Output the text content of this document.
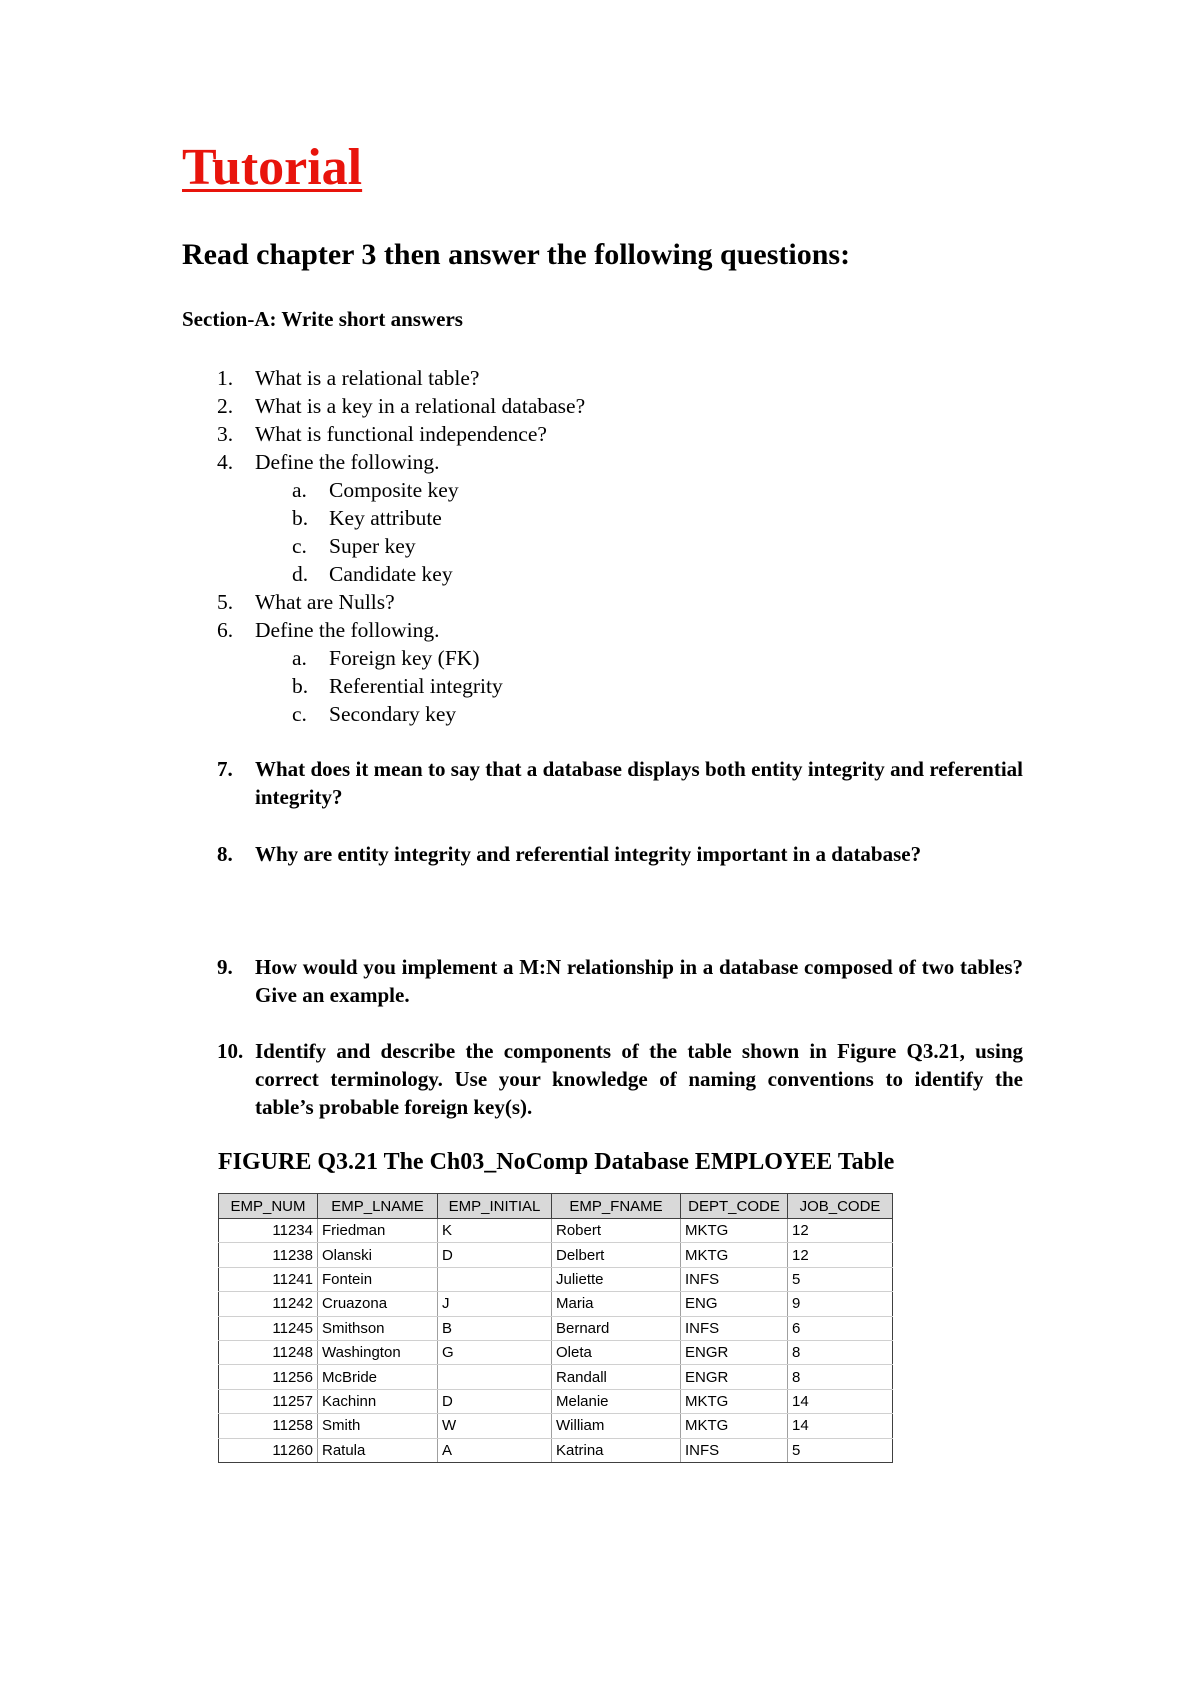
Tutorial
Read chapter 3 then answer the following questions:
Section-A: Write short answers
1. What is a relational table?
2. What is a key in a relational database?
3. What is functional independence?
4. Define the following.
a. Composite key
b. Key attribute
c. Super key
d. Candidate key
5. What are Nulls?
6. Define the following.
a. Foreign key (FK)
b. Referential integrity
c. Secondary key
7. What does it mean to say that a database displays both entity integrity and referential integrity?
8. Why are entity integrity and referential integrity important in a database?
9. How would you implement a M:N relationship in a database composed of two tables? Give an example.
10. Identify and describe the components of the table shown in Figure Q3.21, using correct terminology. Use your knowledge of naming conventions to identify the table’s probable foreign key(s).
FIGURE Q3.21 The Ch03_NoComp Database EMPLOYEE Table
EMP_NUM	EMP_LNAME	EMP_INITIAL	EMP_FNAME	DEPT_CODE	JOB_CODE
11234	Friedman	K	Robert	MKTG	12
11238	Olanski	D	Delbert	MKTG	12
11241	Fontein		Juliette	INFS	5
11242	Cruazona	J	Maria	ENG	9
11245	Smithson	B	Bernard	INFS	6
11248	Washington	G	Oleta	ENGR	8
11256	McBride		Randall	ENGR	8
11257	Kachinn	D	Melanie	MKTG	14
11258	Smith	W	William	MKTG	14
11260	Ratula	A	Katrina	INFS	5
